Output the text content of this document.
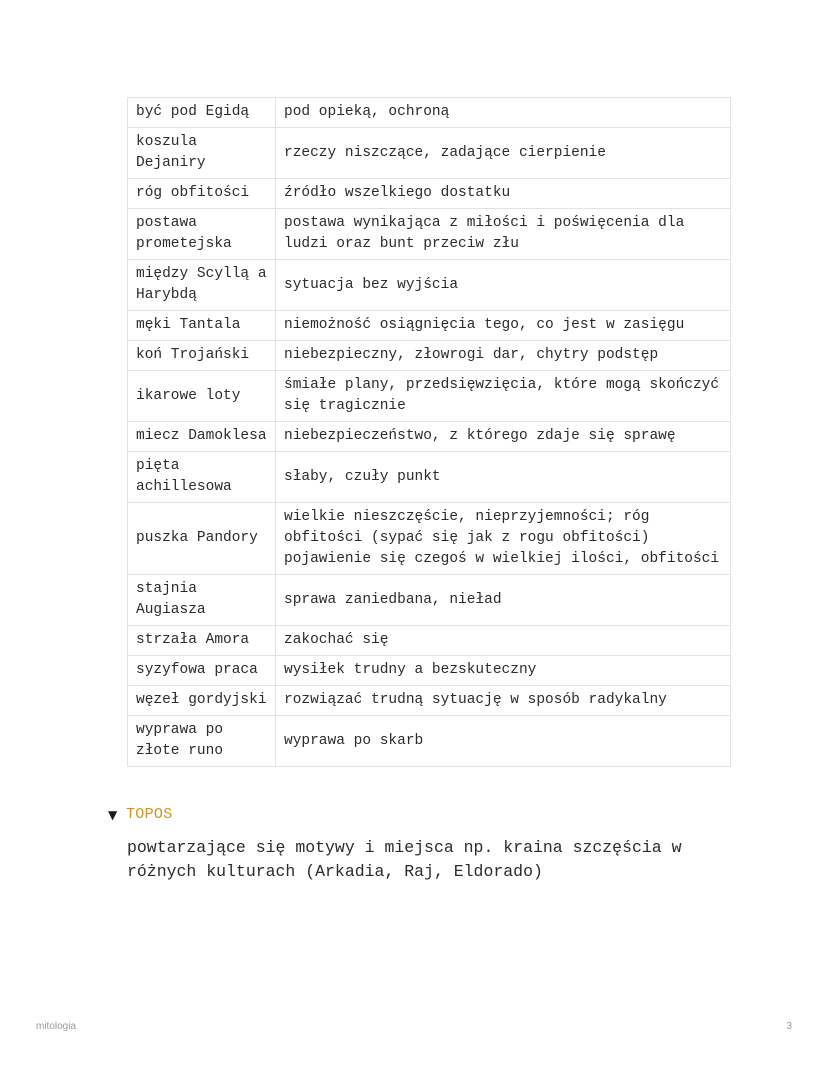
być pod Egidą	pod opieką, ochroną
koszula Dejaniry	rzeczy niszczące, zadające cierpienie
róg obfitości	źródło wszelkiego dostatku
postawa prometejska	postawa wynikająca z miłości i poświęcenia dla ludzi oraz bunt przeciw złu
między Scyllą a Harybdą	sytuacja bez wyjścia
męki Tantala	niemożność osiągnięcia tego, co jest w zasięgu
koń Trojański	niebezpieczny, złowrogi dar, chytry podstęp
ikarowe loty	śmiałe plany, przedsięwzięcia, które mogą skończyć się tragicznie
miecz Damoklesa	niebezpieczeństwo, z którego zdaje się sprawę
pięta achillesowa	słaby, czuły punkt
puszka Pandory	wielkie nieszczęście, nieprzyjemności; róg obfitości (sypać się jak z rogu obfitości) pojawienie się czegoś w wielkiej ilości, obfitości
stajnia Augiasza	sprawa zaniedbana, nieład
strzała Amora	zakochać się
syzyfowa praca	wysiłek trudny a bezskuteczny
węzeł gordyjski	rozwiązać trudną sytuację w sposób radykalny
wyprawa po złote runo	wyprawa po skarb
▼ TOPOS
powtarzające się motywy i miejsca np. kraina szczęścia w różnych kulturach (Arkadia, Raj, Eldorado)
mitologia	3
